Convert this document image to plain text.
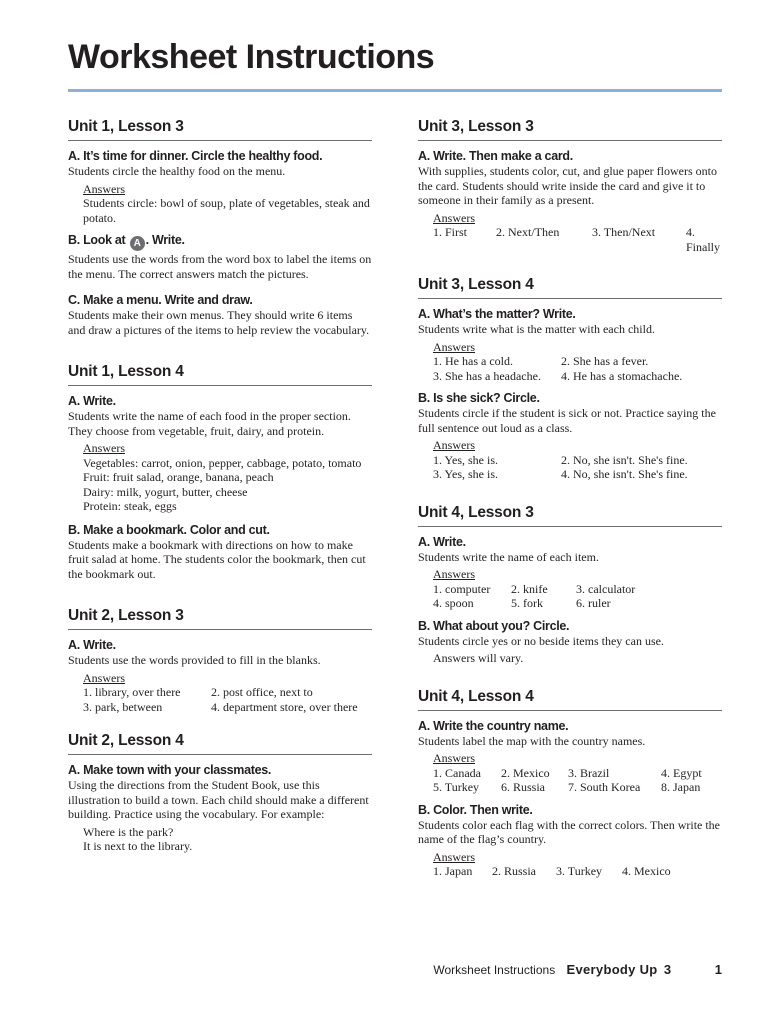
Worksheet Instructions
Unit 1, Lesson 3
A. It’s time for dinner. Circle the healthy food.
Students circle the healthy food on the menu.
Answers
Students circle: bowl of soup, plate of vegetables, steak and potato.
B. Look at A . Write.
Students use the words from the word box to label the items on the menu. The correct answers match the pictures.
C. Make a menu. Write and draw.
Students make their own menus. They should write 6 items and draw a pictures of the items to help review the vocabulary.
Unit 1, Lesson 4
A. Write.
Students write the name of each food in the proper section. They choose from vegetable, fruit, dairy, and protein.
Answers
Vegetables: carrot, onion, pepper, cabbage, potato, tomato
Fruit: fruit salad, orange, banana, peach
Dairy: milk, yogurt, butter, cheese
Protein: steak, eggs
B. Make a bookmark. Color and cut.
Students make a bookmark with directions on how to make fruit salad at home. The students color the bookmark, then cut the bookmark out.
Unit 2, Lesson 3
A. Write.
Students use the words provided to fill in the blanks.
Answers
1. library, over there	2. post office, next to
3. park, between	4. department store, over there
Unit 2, Lesson 4
A. Make town with your classmates.
Using the directions from the Student Book, use this illustration to build a town. Each child should make a different building. Practice using the vocabulary. For example:
Where is the park?
It is next to the library.
Unit 3, Lesson 3
A. Write. Then make a card.
With supplies, students color, cut, and glue paper flowers onto the card. Students should write inside the card and give it to someone in their family as a present.
Answers
1. First	2. Next/Then	3. Then/Next	4. Finally
Unit 3, Lesson 4
A. What’s the matter? Write.
Students write what is the matter with each child.
Answers
1. He has a cold.	2. She has a fever.
3. She has a headache.	4. He has a stomachache.
B. Is she sick? Circle.
Students circle if the student is sick or not. Practice saying the full sentence out loud as a class.
Answers
1. Yes, she is.	2. No, she isn't. She's fine.
3. Yes, she is.	4. No, she isn't. She's fine.
Unit 4, Lesson 3
A. Write.
Students write the name of each item.
Answers
1. computer	2. knife	3. calculator
4. spoon	5. fork	6. ruler
B. What about you? Circle.
Students circle yes or no beside items they can use.
Answers will vary.
Unit 4, Lesson 4
A. Write the country name.
Students label the map with the country names.
Answers
1. Canada	2. Mexico	3. Brazil	4. Egypt
5. Turkey	6. Russia	7. South Korea	8. Japan
B. Color. Then write.
Students color each flag with the correct colors. Then write the name of the flag’s country.
Answers
1. Japan	2. Russia	3. Turkey	4. Mexico
Worksheet Instructions Everybody Up 3	1
